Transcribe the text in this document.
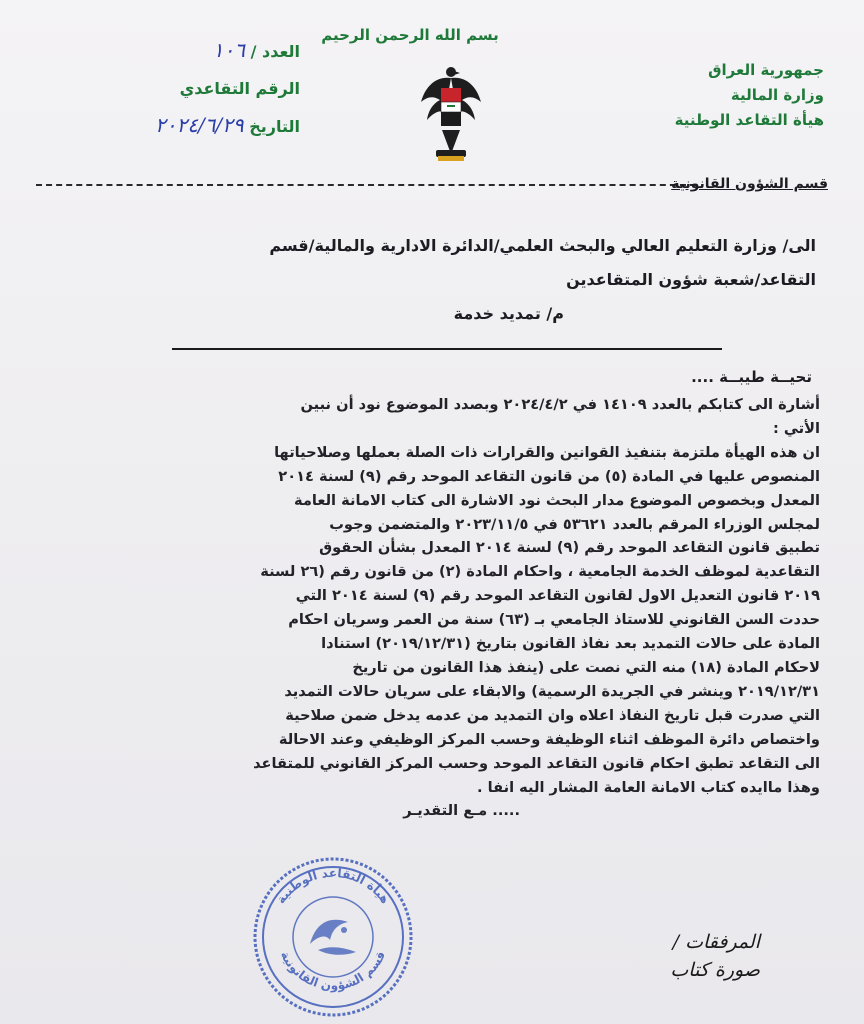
بسم الله الرحمن الرحيم
جمهورية العراق
وزارة المالية
هيأة التقاعد الوطنية
العدد / ١٠٦
الرقم التقاعدي
التاريخ ٢٠٢٤/٦/٢٩
قسم الشؤون القانونية
الى/ وزارة التعليم العالي والبحث العلمي/الدائرة الادارية والمالية/قسم
التقاعد/شعبة شؤون المتقاعدين
م/ تمديد خدمة
تحيــة طيبــة ....
أشارة الى كتابكم بالعدد ١٤١٠٩ في ٢٠٢٤/٤/٢ وبصدد الموضوع نود أن نبين
الأتي :
ان هذه الهيأة ملتزمة بتنفيذ القوانين والقرارات ذات الصلة بعملها وصلاحياتها
المنصوص عليها في المادة (٥) من قانون التقاعد الموحد رقم (٩) لسنة ٢٠١٤
المعدل وبخصوص الموضوع مدار البحث نود الاشارة الى كتاب الامانة العامة
لمجلس الوزراء المرقم بالعدد ٥٣٦٢١ في ٢٠٢٣/١١/٥ والمتضمن وجوب
تطبيق قانون التقاعد الموحد رقم (٩) لسنة ٢٠١٤ المعدل بشأن الحقوق
التقاعدية لموظف الخدمة الجامعية ، واحكام المادة (٢) من قانون رقم (٢٦ لسنة
٢٠١٩ قانون التعديل الاول لقانون التقاعد الموحد رقم (٩) لسنة ٢٠١٤ التي
حددت السن القانوني للاستاذ الجامعي بـ (٦٣) سنة من العمر وسريان احكام
المادة على حالات التمديد بعد نفاذ القانون بتاريخ (٢٠١٩/١٢/٣١) استنادا
لاحكام المادة (١٨) منه التي نصت على (ينفذ هذا القانون من تاريخ
٢٠١٩/١٢/٣١ وينشر في الجريدة الرسمية) والابقاء على سريان حالات التمديد
التي صدرت قبل تاريخ النفاذ اعلاه وان التمديد من عدمه يدخل ضمن صلاحية
واختصاص دائرة الموظف اثناء الوظيفة وحسب المركز الوظيفي وعند الاحالة
الى التقاعد تطبق احكام قانون التقاعد الموحد وحسب المركز القانوني للمتقاعد
وهذا ماايده كتاب الامانة العامة المشار اليه انفا .
..... مـع التقديـر
هيأة التقاعد الوطنية
قسم الشؤون القانونية
المرفقات /
صورة كتاب
